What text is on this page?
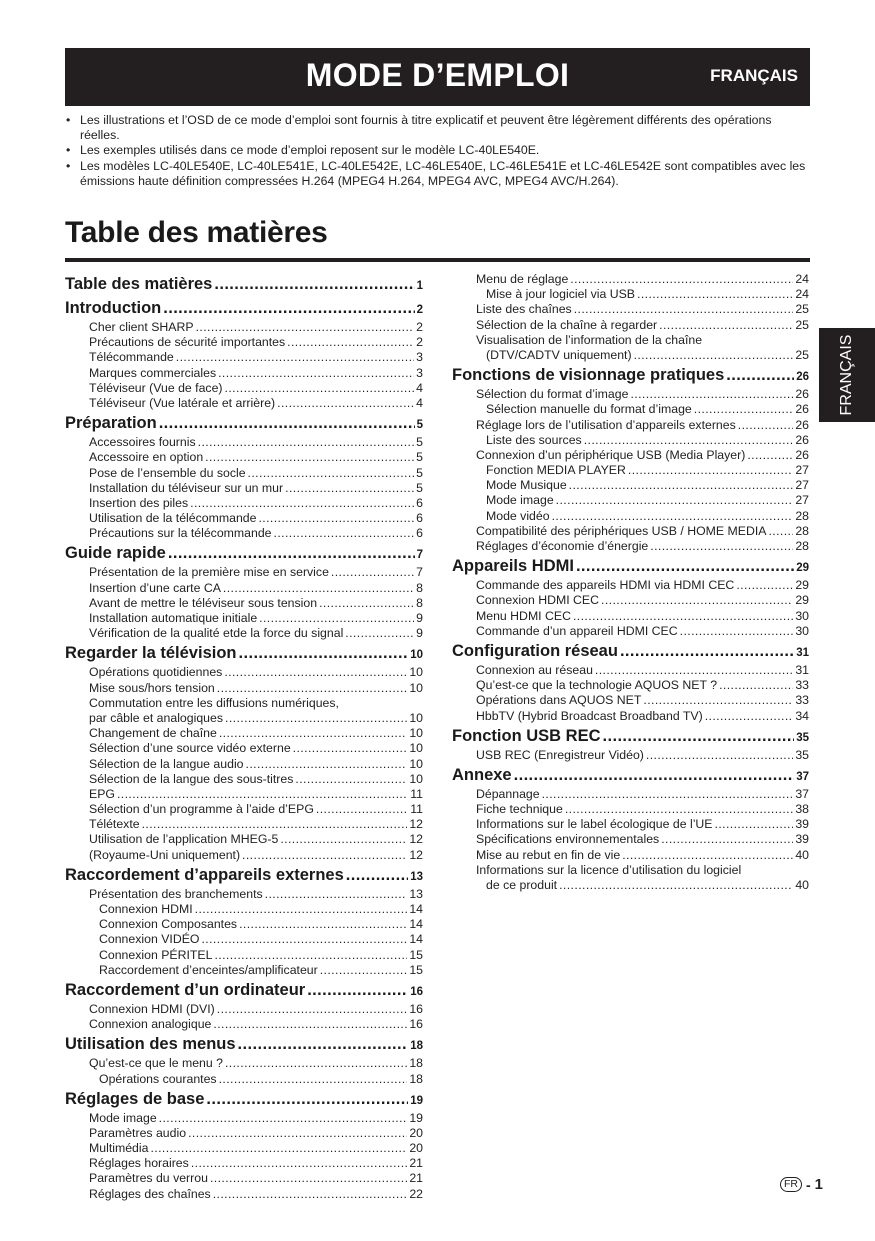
MODE D’EMPLOI	FRANÇAIS
• Les illustrations et l’OSD de ce mode d’emploi sont fournis à titre explicatif et peuvent être légèrement différents des opérations réelles.
• Les exemples utilisés dans ce mode d’emploi reposent sur le modèle LC-40LE540E.
• Les modèles LC-40LE540E, LC-40LE541E, LC-40LE542E, LC-46LE540E, LC-46LE541E et LC-46LE542E sont compatibles avec les émissions haute définition compressées H.264 (MPEG4 H.264, MPEG4 AVC, MPEG4 AVC/H.264).
Table des matières
Table des matières .....	1
Introduction .....	2
Cher client SHARP .....	2
Précautions de sécurité importantes .....	2
Télécommande .....	3
Marques commerciales .....	3
Téléviseur (Vue de face) .....	4
Téléviseur (Vue latérale et arrière) .....	4
Préparation .....	5
Accessoires fournis .....	5
Accessoire en option .....	5
Pose de l’ensemble du socle .....	5
Installation du téléviseur sur un mur .....	5
Insertion des piles .....	6
Utilisation de la télécommande .....	6
Précautions sur la télécommande .....	6
Guide rapide .....	7
Présentation de la première mise en service .....	7
Insertion d’une carte CA .....	8
Avant de mettre le téléviseur sous tension .....	8
Installation automatique initiale .....	9
Vérification de la qualité etde la force du signal .....	9
Regarder la télévision .....	10
Opérations quotidiennes .....	10
Mise sous/hors tension .....	10
Commutation entre les diffusions numériques,
par câble et analogiques .....	10
Changement de chaîne .....	10
Sélection d’une source vidéo externe .....	10
Sélection de la langue audio .....	10
Sélection de la langue des sous-titres .....	10
EPG .....	11
Sélection d’un programme à l’aide d’EPG .....	11
Télétexte .....	12
Utilisation de l’application MHEG-5 .....	12
(Royaume-Uni uniquement) .....	12
Raccordement d’appareils externes .....	13
Présentation des branchements .....	13
Connexion HDMI .....	14
Connexion Composantes .....	14
Connexion VIDÉO .....	14
Connexion PÉRITEL .....	15
Raccordement d’enceintes/amplificateur .....	15
Raccordement d’un ordinateur .....	16
Connexion HDMI (DVI) .....	16
Connexion analogique .....	16
Utilisation des menus .....	18
Qu’est-ce que le menu ? .....	18
Opérations courantes .....	18
Réglages de base .....	19
Mode image .....	19
Paramètres audio .....	20
Multimédia .....	20
Réglages horaires .....	21
Paramètres du verrou .....	21
Réglages des chaînes .....	22
Menu de réglage .....	24
Mise à jour logiciel via USB .....	24
Liste des chaînes .....	25
Sélection de la chaîne à regarder .....	25
Visualisation de l’information de la chaîne
(DTV/CADTV uniquement) .....	25
Fonctions de visionnage pratiques .....	26
Sélection du format d’image .....	26
Sélection manuelle du format d’image .....	26
Réglage lors de l’utilisation d’appareils externes .....	26
Liste des sources .....	26
Connexion d’un périphérique USB (Media Player) .....	26
Fonction MEDIA PLAYER .....	27
Mode Musique .....	27
Mode image .....	27
Mode vidéo .....	28
Compatibilité des périphériques USB / HOME MEDIA ..... 28
Réglages d’économie d’énergie .....	28
Appareils HDMI .....	29
Commande des appareils HDMI via HDMI CEC .....	29
Connexion HDMI CEC .....	29
Menu HDMI CEC .....	30
Commande d’un appareil HDMI CEC .....	30
Configuration réseau .....	31
Connexion au réseau .....	31
Qu’est-ce que la technologie AQUOS NET ? .....	33
Opérations dans AQUOS NET .....	33
HbbTV (Hybrid Broadcast Broadband TV) .....	34
Fonction USB REC .....	35
USB REC (Enregistreur Vidéo) .....	35
Annexe .....	37
Dépannage .....	37
Fiche technique .....	38
Informations sur le label écologique de l’UE .....	39
Spécifications environnementales .....	39
Mise au rebut en fin de vie .....	40
Informations sur la licence d’utilisation du logiciel
de ce produit .....	40
FRANÇAIS
FR - 1
